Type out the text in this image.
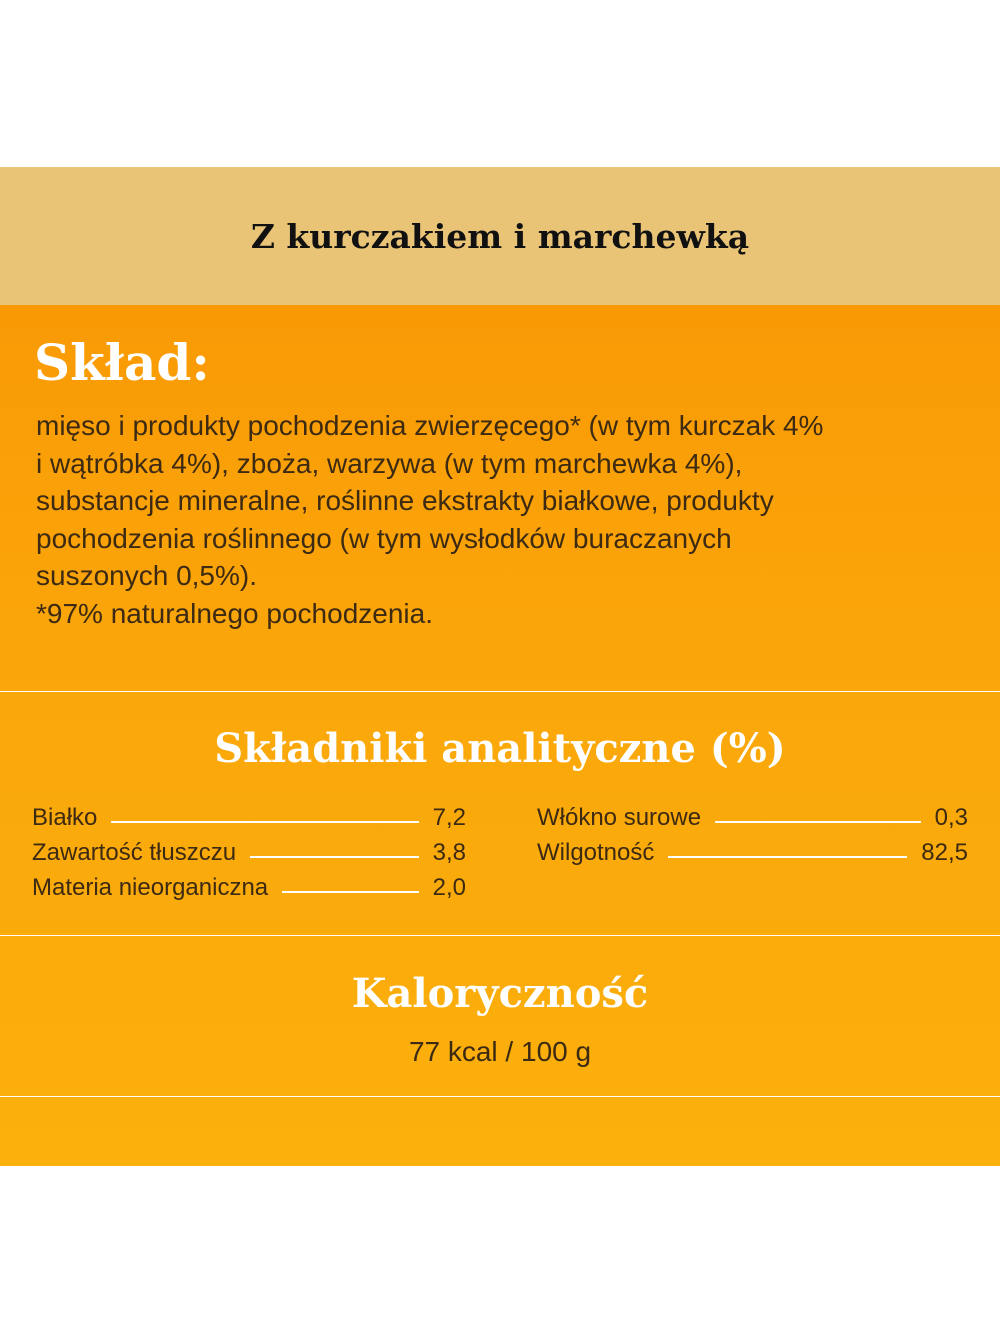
Z kurczakiem i marchewką
Skład:
mięso i produkty pochodzenia zwierzęcego* (w tym kurczak 4%
i wątróbka 4%), zboża, warzywa (w tym marchewka 4%),
substancje mineralne, roślinne ekstrakty białkowe, produkty
pochodzenia roślinnego (w tym wysłodków buraczanych
suszonych 0,5%).
*97% naturalnego pochodzenia.
Składniki analityczne (%)
Białko	7,2
Zawartość tłuszczu	3,8
Materia nieorganiczna	2,0
Włókno surowe	0,3
Wilgotność	82,5
Kaloryczność
77 kcal / 100 g
